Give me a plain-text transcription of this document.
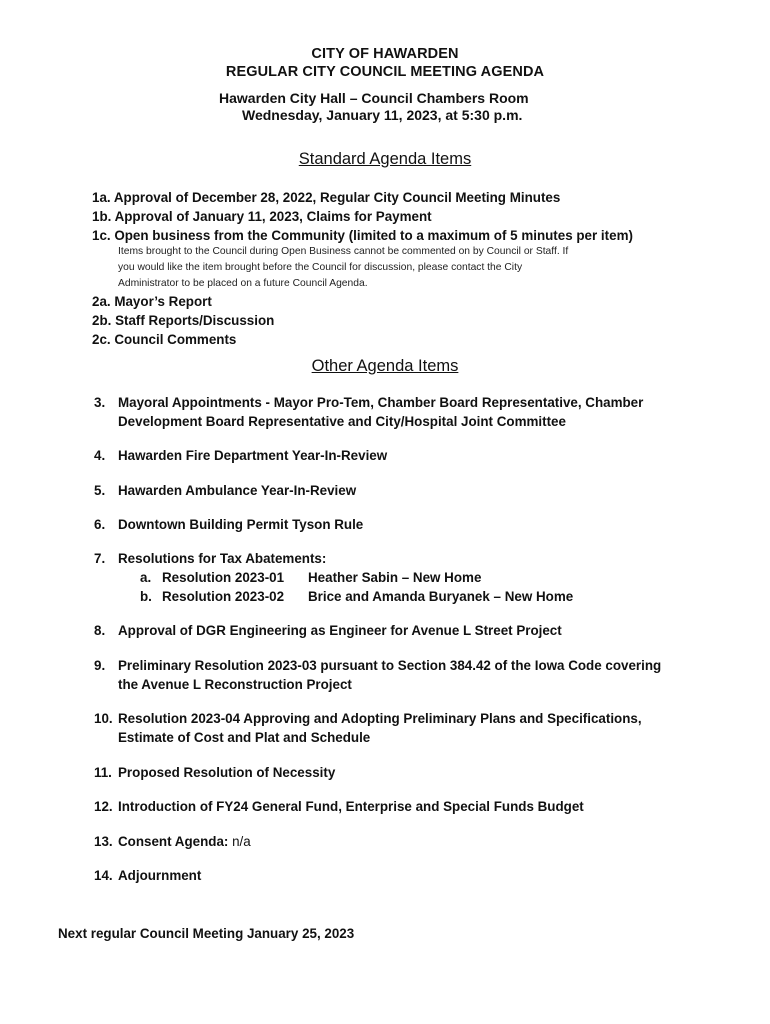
CITY OF HAWARDEN
REGULAR CITY COUNCIL MEETING AGENDA
Hawarden City Hall – Council Chambers Room
Wednesday, January 11, 2023, at 5:30 p.m.
Standard Agenda Items
1a. Approval of December 28, 2022, Regular City Council Meeting Minutes
1b. Approval of January 11, 2023, Claims for Payment
1c. Open business from the Community (limited to a maximum of 5 minutes per item)
Items brought to the Council during Open Business cannot be commented on by Council or Staff. If
you would like the item brought before the Council for discussion, please contact the City
Administrator to be placed on a future Council Agenda.
2a. Mayor’s Report
2b. Staff Reports/Discussion
2c. Council Comments
Other Agenda Items
3. Mayoral Appointments - Mayor Pro-Tem, Chamber Board Representative, Chamber
Development Board Representative and City/Hospital Joint Committee
4. Hawarden Fire Department Year-In-Review
5. Hawarden Ambulance Year-In-Review
6. Downtown Building Permit Tyson Rule
7. Resolutions for Tax Abatements:
a. Resolution 2023-01 Heather Sabin – New Home
b. Resolution 2023-02 Brice and Amanda Buryanek – New Home
8. Approval of DGR Engineering as Engineer for Avenue L Street Project
9. Preliminary Resolution 2023-03 pursuant to Section 384.42 of the Iowa Code covering
the Avenue L Reconstruction Project
10. Resolution 2023-04 Approving and Adopting Preliminary Plans and Specifications,
Estimate of Cost and Plat and Schedule
11. Proposed Resolution of Necessity
12. Introduction of FY24 General Fund, Enterprise and Special Funds Budget
13. Consent Agenda: n/a
14. Adjournment
Next regular Council Meeting January 25, 2023
